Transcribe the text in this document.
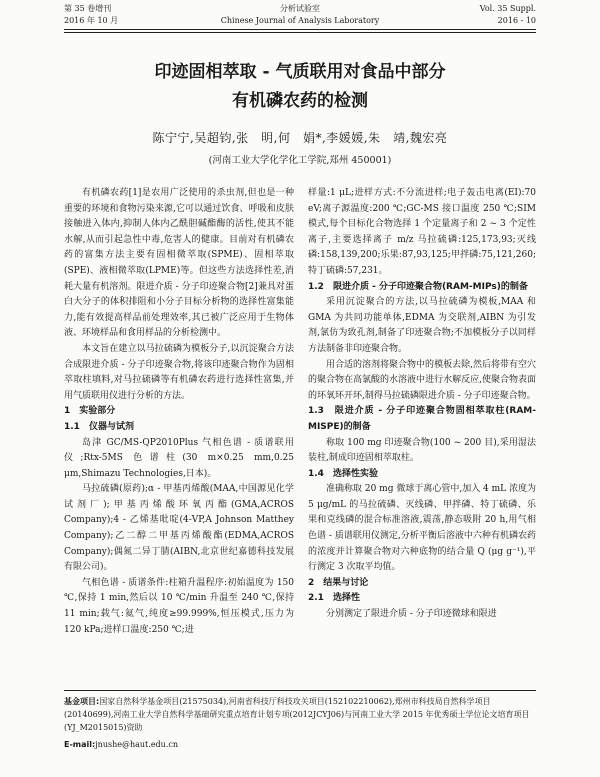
第 35 卷增刊
2016 年 10 月
分析试验室
Chinese Journal of Analysis Laboratory
Vol. 35 Suppl.
2016 - 10
印迹固相萃取 - 气质联用对食品中部分
有机磷农药的检测
陈宁宁,吴超钧,张　明,何　娟*,李媛媛,朱　靖,魏宏亮
(河南工业大学化学化工学院,郑州 450001)

有机磷农药[1]是农用广泛使用的杀虫剂,但也是一种重要的环境和食物污染来源,它可以通过饮食、呼吸和皮肤接触进入体内,抑制人体内乙酰胆碱酯酶的活性,使其不能水解,从而引起急性中毒,危害人的健康。目前对有机磷农药的富集方法主要有固相微萃取(SPME)、固相萃取(SPE)、液相微萃取(LPME)等。但这些方法选择性差,消耗大量有机溶剂。限进介质 - 分子印迹聚合物[2]兼具对蛋白大分子的体积排阻和小分子目标分析物的选择性富集能力,能有效提高样品前处理效率,其已被广泛应用于生物体液、环境样品和食用样品的分析检测中。

本文旨在建立以马拉硫磷为模板分子,以沉淀聚合方法合成限进介质 - 分子印迹聚合物,将该印迹聚合物作为固相萃取柱填料,对马拉硫磷等有机磷农药进行选择性富集,并用气质联用仪进行分析的方法。

1　实验部分
1.1　仪器与试剂

岛津 GC/MS-QP2010Plus 气相色谱 - 质谱联用仪;Rtx-5MS 色谱柱(30 m×0.25 mm,0.25 μm,Shimazu Technologies,日本)。

马拉硫磷(原药);α - 甲基丙烯酸(MAA,中国源见化学试剂厂);甲基丙烯酸环氧丙酯(GMA,ACROS Company);4 - 乙烯基吡啶(4-VP,A Johnson Matthey Company);乙二醇二甲基丙烯酸酯(EDMA,ACROS Company);偶氮二异丁腈(AIBN,北京世纪嘉德科技发展有限公司)。

气相色谱 - 质谱条件:柱箱升温程序:初始温度为 150 ℃,保持 1 min,然后以 10 ℃/min 升温至 240 ℃,保持 11 min;载气:氦气,纯度≥99.999%,恒压模式,压力为 120 kPa;进样口温度:250 ℃;进

样量:1 μL;进样方式:不分流进样;电子轰击电离(EI):70 eV;离子源温度:200 ℃;GC-MS 接口温度 250 ℃;SIM 模式,每个目标化合物选择 1 个定量离子和 2 ~ 3 个定性离子,主要选择离子 m/z 马拉硫磷:125,173,93;灭线磷:158,139,200;乐果:87,93,125;甲拌磷:75,121,260;特丁硫磷:57,231。

1.2　限进介质 - 分子印迹聚合物(RAM-MIPs)的制备

采用沉淀聚合的方法,以马拉硫磷为模板,MAA 和 GMA 为共同功能单体,EDMA 为交联剂,AIBN 为引发剂,氯仿为致孔剂,制备了印迹聚合物;不加模板分子以同样方法制备非印迹聚合物。

用合适的溶剂将聚合物中的模板去除,然后将带有空穴的聚合物在高氯酸的水溶液中进行水解反应,使聚合物表面的环氧环开环,制得马拉硫磷限进介质 - 分子印迹聚合物。

1.3　限进介质 - 分子印迹聚合物固相萃取柱(RAM-MISPE)的制备

称取 100 mg 印迹聚合物(100 ~ 200 目),采用湿法装柱,制成印迹固相萃取柱。

1.4　选择性实验

准确称取 20 mg 微球于离心管中,加入 4 mL 浓度为 5 μg/mL 的马拉硫磷、灭线磷、甲拌磷、特丁硫磷、乐果和克线磷的混合标准溶液,震荡,静态吸附 20 h,用气相色谱 - 质谱联用仪测定,分析平衡后溶液中六种有机磷农药的浓度并计算聚合物对六种底物的结合量 Q (μg g⁻¹),平行测定 3 次取平均值。

2　结果与讨论
2.1　选择性

分别测定了限进介质 - 分子印迹微球和限进

基金项目:国家自然科学基金项目(21575034),河南省科技厅科技攻关项目(152102210062),郑州市科技局自然科学项目(20140699),河南工业大学自然科学基础研究重点培育计划专项(2012JCYJ06)与河南工业大学 2015 年优秀硕士学位论文培育项目(YJ_M2015015)资助

E-mail:jnushe@haut.edu.cn
